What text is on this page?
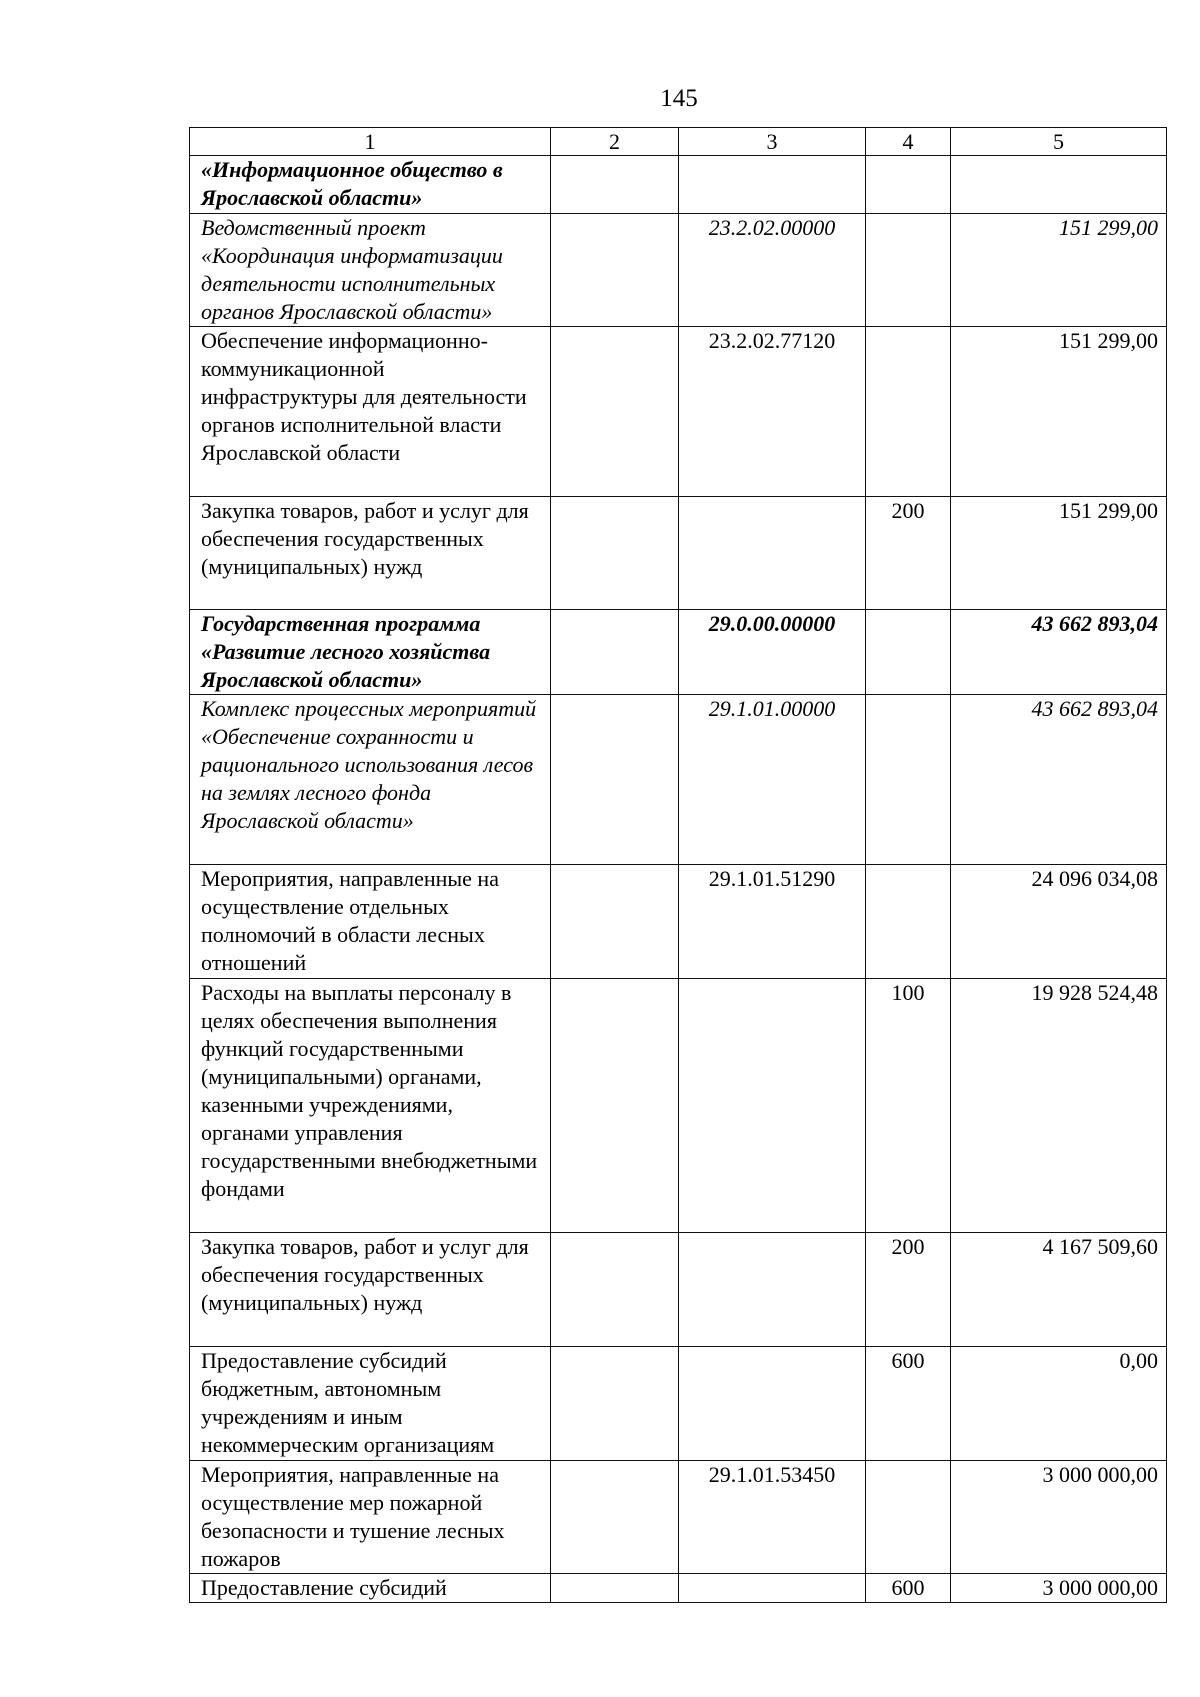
145
1	2	3	4	5
«Информационное общество в Ярославской области»				
Ведомственный проект «Координация информатизации деятельности исполнительных органов Ярославской области»		23.2.02.00000		151 299,00
Обеспечение информационно-коммуникационной инфраструктуры для деятельности органов исполнительной власти Ярославской области		23.2.02.77120		151 299,00
Закупка товаров, работ и услуг для обеспечения государственных (муниципальных) нужд			200	151 299,00
Государственная программа «Развитие лесного хозяйства Ярославской области»		29.0.00.00000		43 662 893,04
Комплекс процессных мероприятий «Обеспечение сохранности и рационального использования лесов на землях лесного фонда Ярославской области»		29.1.01.00000		43 662 893,04
Мероприятия, направленные на осуществление отдельных полномочий в области лесных отношений		29.1.01.51290		24 096 034,08
Расходы на выплаты персоналу в целях обеспечения выполнения функций государственными (муниципальными) органами, казенными учреждениями, органами управления государственными внебюджетными фондами			100	19 928 524,48
Закупка товаров, работ и услуг для обеспечения государственных (муниципальных) нужд			200	4 167 509,60
Предоставление субсидий бюджетным, автономным учреждениям и иным некоммерческим организациям			600	0,00
Мероприятия, направленные на осуществление мер пожарной безопасности и тушение лесных пожаров		29.1.01.53450		3 000 000,00
Предоставление субсидий			600	3 000 000,00
